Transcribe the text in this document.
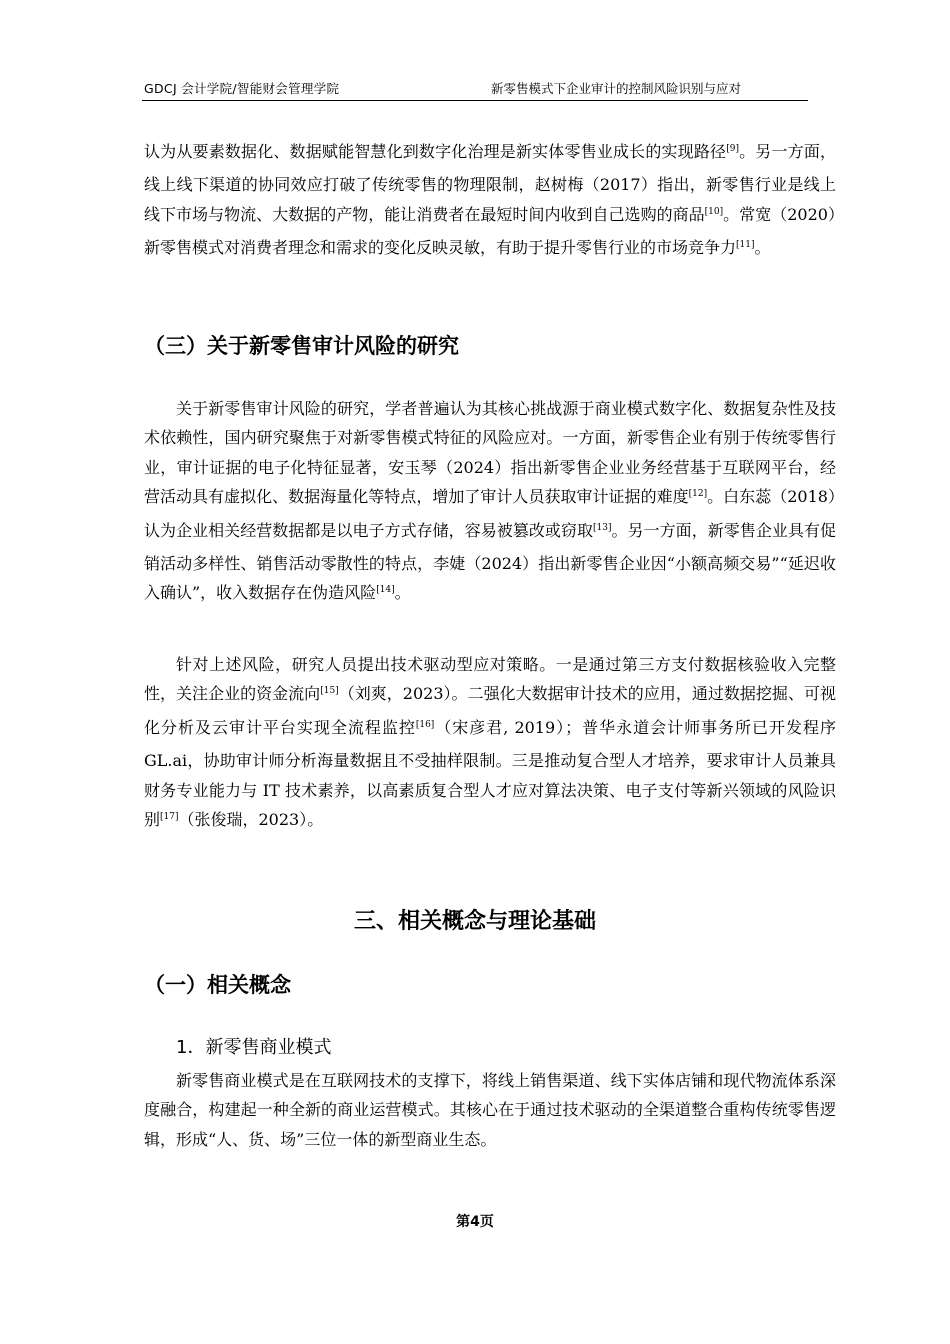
GDCJ 会计学院/智能财会管理学院	新零售模式下企业审计的控制风险识别与应对

认为从要素数据化、数据赋能智慧化到数字化治理是新实体零售业成长的实现路径[9]。另一方面，线上线下渠道的协同效应打破了传统零售的物理限制，赵树梅（2017）指出，新零售行业是线上线下市场与物流、大数据的产物，能让消费者在最短时间内收到自己选购的商品[10]。常宽（2020）新零售模式对消费者理念和需求的变化反映灵敏，有助于提升零售行业的市场竞争力[11]。

（三）关于新零售审计风险的研究

关于新零售审计风险的研究，学者普遍认为其核心挑战源于商业模式数字化、数据复杂性及技术依赖性，国内研究聚焦于对新零售模式特征的风险应对。一方面，新零售企业有别于传统零售行业，审计证据的电子化特征显著，安玉琴（2024）指出新零售企业业务经营基于互联网平台，经营活动具有虚拟化、数据海量化等特点，增加了审计人员获取审计证据的难度[12]。白东蕊（2018）认为企业相关经营数据都是以电子方式存储，容易被篡改或窃取[13]。另一方面，新零售企业具有促销活动多样性、销售活动零散性的特点，李婕（2024）指出新零售企业因“小额高频交易”“延迟收入确认”，收入数据存在伪造风险[14]。

针对上述风险，研究人员提出技术驱动型应对策略。一是通过第三方支付数据核验收入完整性，关注企业的资金流向[15]（刘爽，2023）。二强化大数据审计技术的应用，通过数据挖掘、可视化分析及云审计平台实现全流程监控[16]（宋彦君, 2019）；普华永道会计师事务所已开发程序 GL.ai，协助审计师分析海量数据且不受抽样限制。三是推动复合型人才培养，要求审计人员兼具财务专业能力与 IT 技术素养，以高素质复合型人才应对算法决策、电子支付等新兴领域的风险识别[17]（张俊瑞，2023）。

三、相关概念与理论基础
（一）相关概念
1．新零售商业模式

新零售商业模式是在互联网技术的支撑下，将线上销售渠道、线下实体店铺和现代物流体系深度融合，构建起一种全新的商业运营模式。其核心在于通过技术驱动的全渠道整合重构传统零售逻辑，形成“人、货、场”三位一体的新型商业生态。

第4页
